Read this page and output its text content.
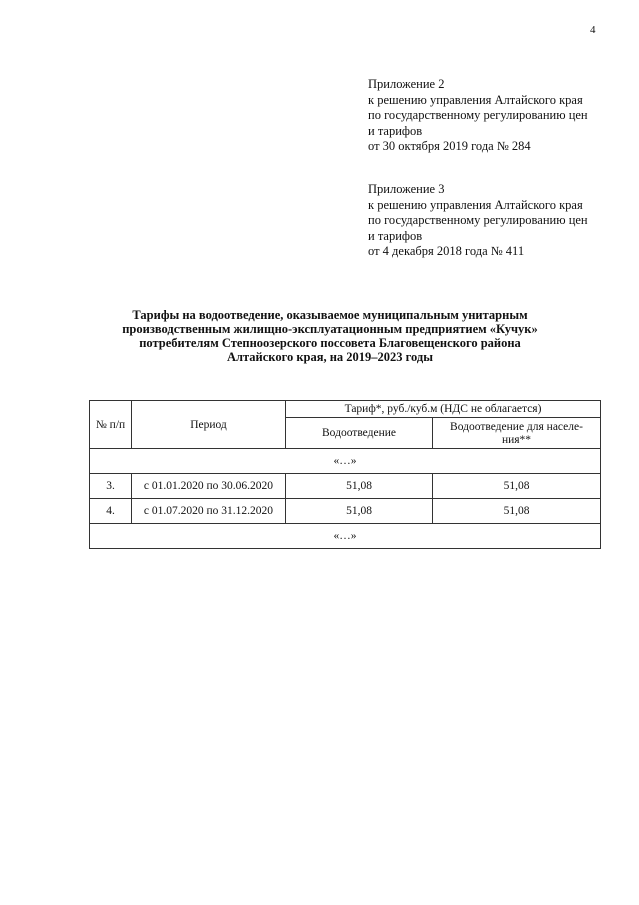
4
Приложение 2
к решению управления Алтайского края
по государственному регулированию цен
и тарифов
от 30 октября 2019 года № 284
Приложение 3
к решению управления Алтайского края
по государственному регулированию цен
и тарифов
от 4 декабря 2018 года № 411
Тарифы на водоотведение, оказываемое муниципальным унитарным
производственным жилищно-эксплуатационным предприятием «Кучук»
потребителям Степноозерского поссовета Благовещенского района
Алтайского края, на 2019–2023 годы
№ п/п	Период	Тариф*, руб./куб.м (НДС не облагается)	
		Водоотведение	Водоотведение для населе-
ния**

«…»			
3.	с 01.01.2020 по 30.06.2020	51,08	51,08
4.	с 01.07.2020 по 31.12.2020	51,08	51,08
«…»			
